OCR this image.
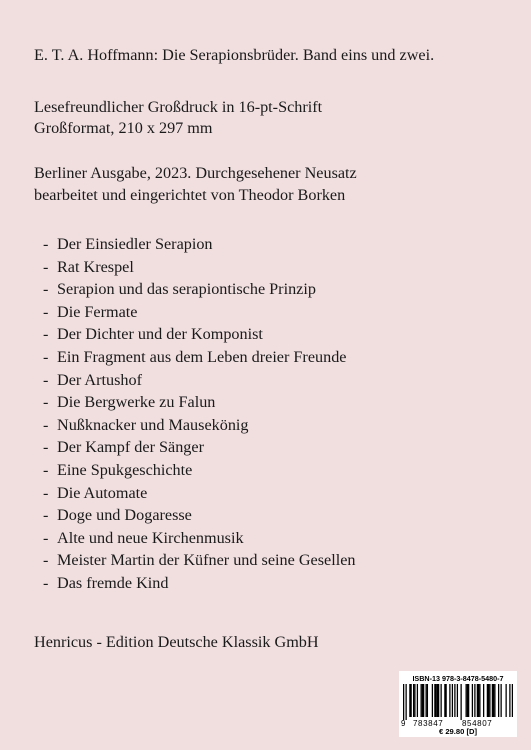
E. T. A. Hoffmann: Die Serapionsbrüder. Band eins und zwei.
Lesefreundlicher Großdruck in 16-pt-Schrift
Großformat, 210 x 297 mm
Berliner Ausgabe, 2023. Durchgesehener Neusatz
bearbeitet und eingerichtet von Theodor Borken
- Der Einsiedler Serapion
- Rat Krespel
- Serapion und das serapiontische Prinzip
- Die Fermate
- Der Dichter und der Komponist
- Ein Fragment aus dem Leben dreier Freunde
- Der Artushof
- Die Bergwerke zu Falun
- Nußknacker und Mausekönig
- Der Kampf der Sänger
- Eine Spukgeschichte
- Die Automate
- Doge und Dogaresse
- Alte und neue Kirchenmusik
- Meister Martin der Küfner und seine Gesellen
- Das fremde Kind
Henricus - Edition Deutsche Klassik GmbH
ISBN-13 978-3-8478-5480-7
9 783847 854807
€ 29.80 [D]
